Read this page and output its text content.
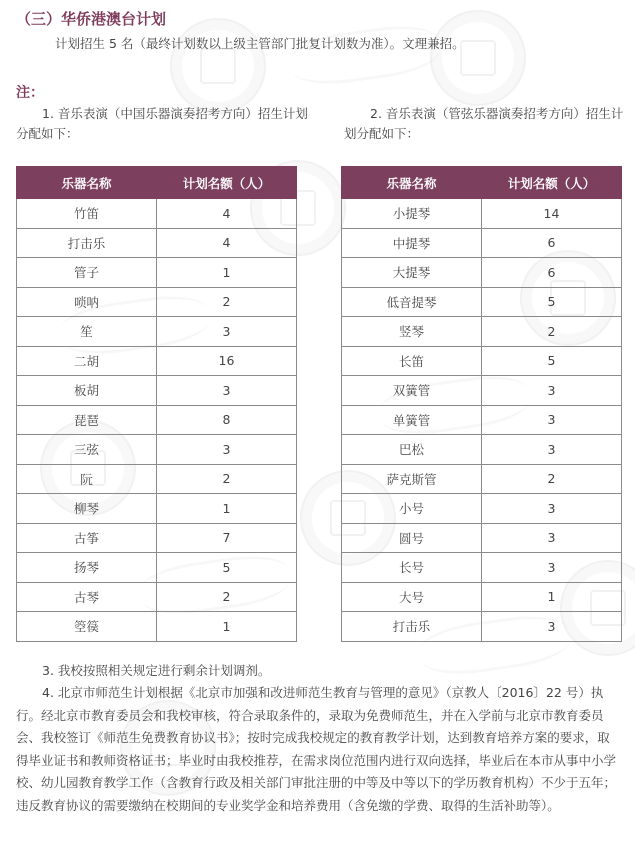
（三）华侨港澳台计划

计划招生 5 名（最终计划数以上级主管部门批复计划数为准）。文理兼招。

注：

1. 音乐表演（中国乐器演奏招考方向）招生计划分配如下：

2. 音乐表演（管弦乐器演奏招考方向）招生计划分配如下：

乐器名称	计划名额（人）
竹笛	4
打击乐	4
管子	1
唢呐	2
笙	3
二胡	16
板胡	3
琵琶	8
三弦	3
阮	2
柳琴	1
古筝	7
扬琴	5
古琴	2
箜篌	1
乐器名称	计划名额（人）
小提琴	14
中提琴	6
大提琴	6
低音提琴	5
竖琴	2
长笛	5
双簧管	3
单簧管	3
巴松	3
萨克斯管	2
小号	3
圆号	3
长号	3
大号	1
打击乐	3

3. 我校按照相关规定进行剩余计划调剂。

4. 北京市师范生计划根据《北京市加强和改进师范生教育与管理的意见》（京教人〔2016〕22 号）执行。经北京市教育委员会和我校审核，符合录取条件的，录取为免费师范生，并在入学前与北京市教育委员会、我校签订《师范生免费教育协议书》；按时完成我校规定的教育教学计划，达到教育培养方案的要求，取得毕业证书和教师资格证书；毕业时由我校推荐，在需求岗位范围内进行双向选择，毕业后在本市从事中小学校、幼儿园教育教学工作（含教育行政及相关部门审批注册的中等及中等以下的学历教育机构）不少于五年；违反教育协议的需要缴纳在校期间的专业奖学金和培养费用（含免缴的学费、取得的生活补助等）。
